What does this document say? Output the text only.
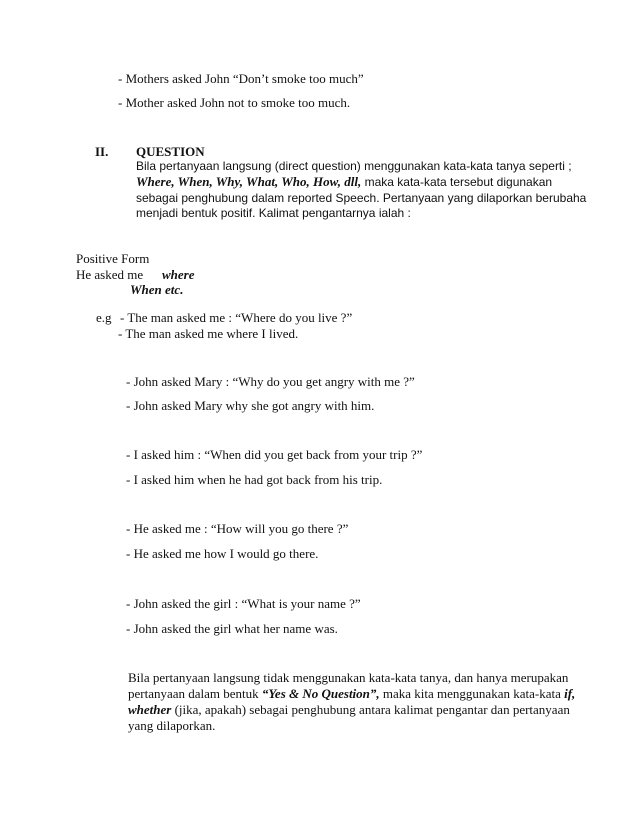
- Mothers asked John “Don’t smoke too much”
- Mother asked John not to smoke too much.
II. QUESTION
Bila pertanyaan langsung (direct question) menggunakan kata-kata tanya seperti ;
Where, When, Why, What, Who, How, dll, maka kata-kata tersebut digunakan
sebagai penghubung dalam reported Speech. Pertanyaan yang dilaporkan berubaha
menjadi bentuk positif. Kalimat pengantarnya ialah :
Positive Form
He asked me where
When etc.
e.g - The man asked me : “Where do you live ?”
- The man asked me where I lived.
- John asked Mary : “Why do you get angry with me ?”
- John asked Mary why she got angry with him.
- I asked him : “When did you get back from your trip ?”
- I asked him when he had got back from his trip.
- He asked me : “How will you go there ?”
- He asked me how I would go there.
- John asked the girl : “What is your name ?”
- John asked the girl what her name was.
Bila pertanyaan langsung tidak menggunakan kata-kata tanya, dan hanya merupakan
pertanyaan dalam bentuk “Yes & No Question”, maka kita menggunakan kata-kata if,
whether (jika, apakah) sebagai penghubung antara kalimat pengantar dan pertanyaan
yang dilaporkan.
